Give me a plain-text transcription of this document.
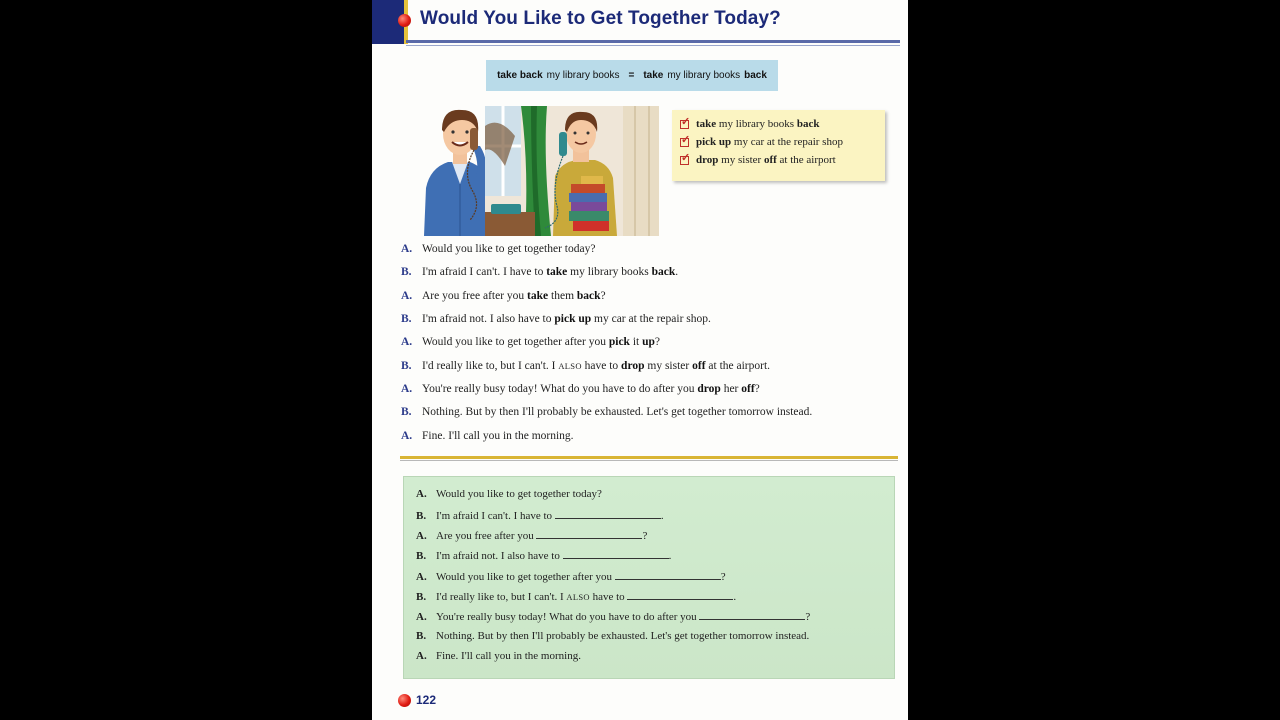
Would You Like to Get Together Today?
take back my library books = take my library books back
✓
take
my library books
back
✓
pick up
my car at the repair shop
✓
drop
my sister
off
at the airport
A. Would you like to get together today?
B. I'm afraid I can't. I have to take my library books back.
A. Are you free after you take them back?
B. I'm afraid not. I also have to pick up my car at the repair shop.
A. Would you like to get together after you pick it up?
B. I'd really like to, but I can't. I ALSO have to drop my sister off at the airport.
A. You're really busy today! What do you have to do after you drop her off?
B. Nothing. But by then I'll probably be exhausted. Let's get together tomorrow instead.
A. Fine. I'll call you in the morning.
A. Would you like to get together today?
B. I'm afraid I can't. I have to	.
A. Are you free after you	?
B. I'm afraid not. I also have to	.
A. Would you like to get together after you	?
B. I'd really like to, but I can't. I ALSO have to	.
A. You're really busy today! What do you have to do after you	?
B. Nothing. But by then I'll probably be exhausted. Let's get together tomorrow instead.
A. Fine. I'll call you in the morning.
122
